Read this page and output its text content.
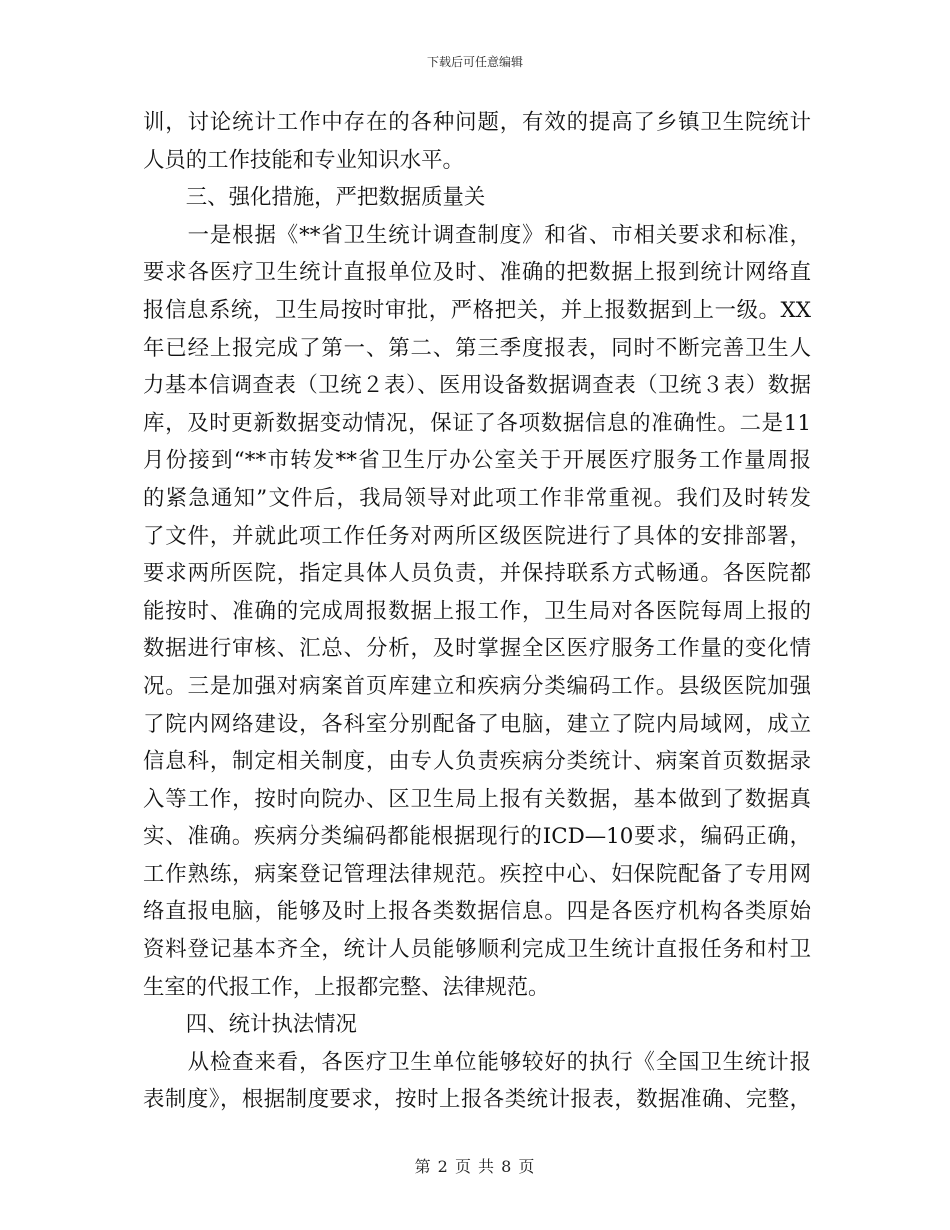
下载后可任意编辑
训，讨论统计工作中存在的各种问题，有效的提高了乡镇卫生院统计
人员的工作技能和专业知识水平。
　　三、强化措施，严把数据质量关
　　一是根据《**省卫生统计调查制度》和省、市相关要求和标准，
要求各医疗卫生统计直报单位及时、准确的把数据上报到统计网络直
报信息系统，卫生局按时审批，严格把关，并上报数据到上一级。XX
年已经上报完成了第一、第二、第三季度报表，同时不断完善卫生人
力基本信调查表（卫统２表）、医用设备数据调查表（卫统３表）数据
库，及时更新数据变动情况，保证了各项数据信息的准确性。二是11
月份接到“**市转发**省卫生厅办公室关于开展医疗服务工作量周报
的紧急通知”文件后，我局领导对此项工作非常重视。我们及时转发
了文件，并就此项工作任务对两所区级医院进行了具体的安排部署，
要求两所医院，指定具体人员负责，并保持联系方式畅通。各医院都
能按时、准确的完成周报数据上报工作，卫生局对各医院每周上报的
数据进行审核、汇总、分析，及时掌握全区医疗服务工作量的变化情
况。三是加强对病案首页库建立和疾病分类编码工作。县级医院加强
了院内网络建设，各科室分别配备了电脑，建立了院内局域网，成立
信息科，制定相关制度，由专人负责疾病分类统计、病案首页数据录
入等工作，按时向院办、区卫生局上报有关数据，基本做到了数据真
实、准确。疾病分类编码都能根据现行的ICD—10要求，编码正确，
工作熟练，病案登记管理法律规范。疾控中心、妇保院配备了专用网
络直报电脑，能够及时上报各类数据信息。四是各医疗机构各类原始
资料登记基本齐全，统计人员能够顺利完成卫生统计直报任务和村卫
生室的代报工作，上报都完整、法律规范。
　　四、统计执法情况
　　从检查来看，各医疗卫生单位能够较好的执行《全国卫生统计报
表制度》，根据制度要求，按时上报各类统计报表，数据准确、完整，
第 2 页 共 8 页
